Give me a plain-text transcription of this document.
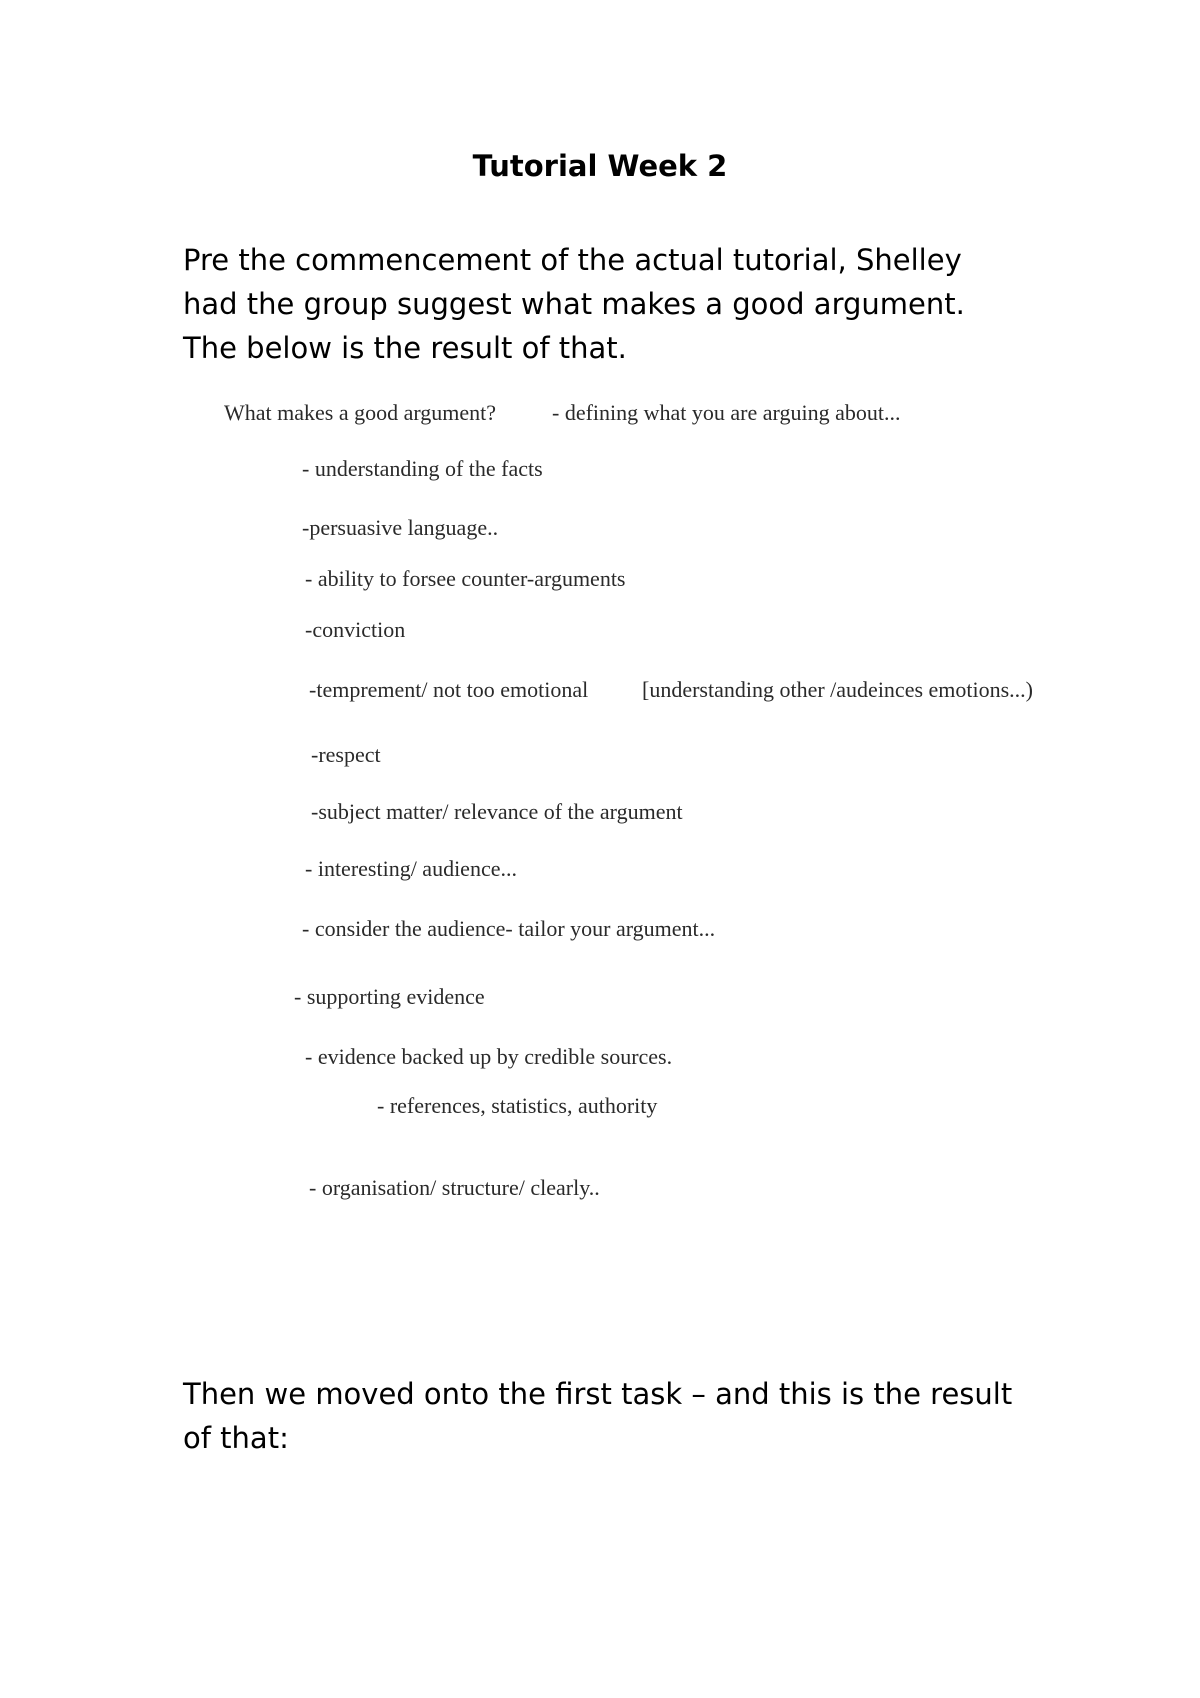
Tutorial Week 2
Pre the commencement of the actual tutorial, Shelley
had the group suggest what makes a good argument.
The below is the result of that.
What makes a good argument?	- defining what you are arguing about...
- understanding of the facts
-persuasive language..
- ability to forsee counter-arguments
-conviction
-temprement/ not too emotional [understanding other /audeinces emotions...)
-respect
-subject matter/ relevance of the argument
- interesting/ audience...
- consider the audience- tailor your argument...
- supporting evidence
- evidence backed up by credible sources.
- references, statistics, authority
- organisation/ structure/ clearly..
Then we moved onto the first task – and this is the result
of that:
